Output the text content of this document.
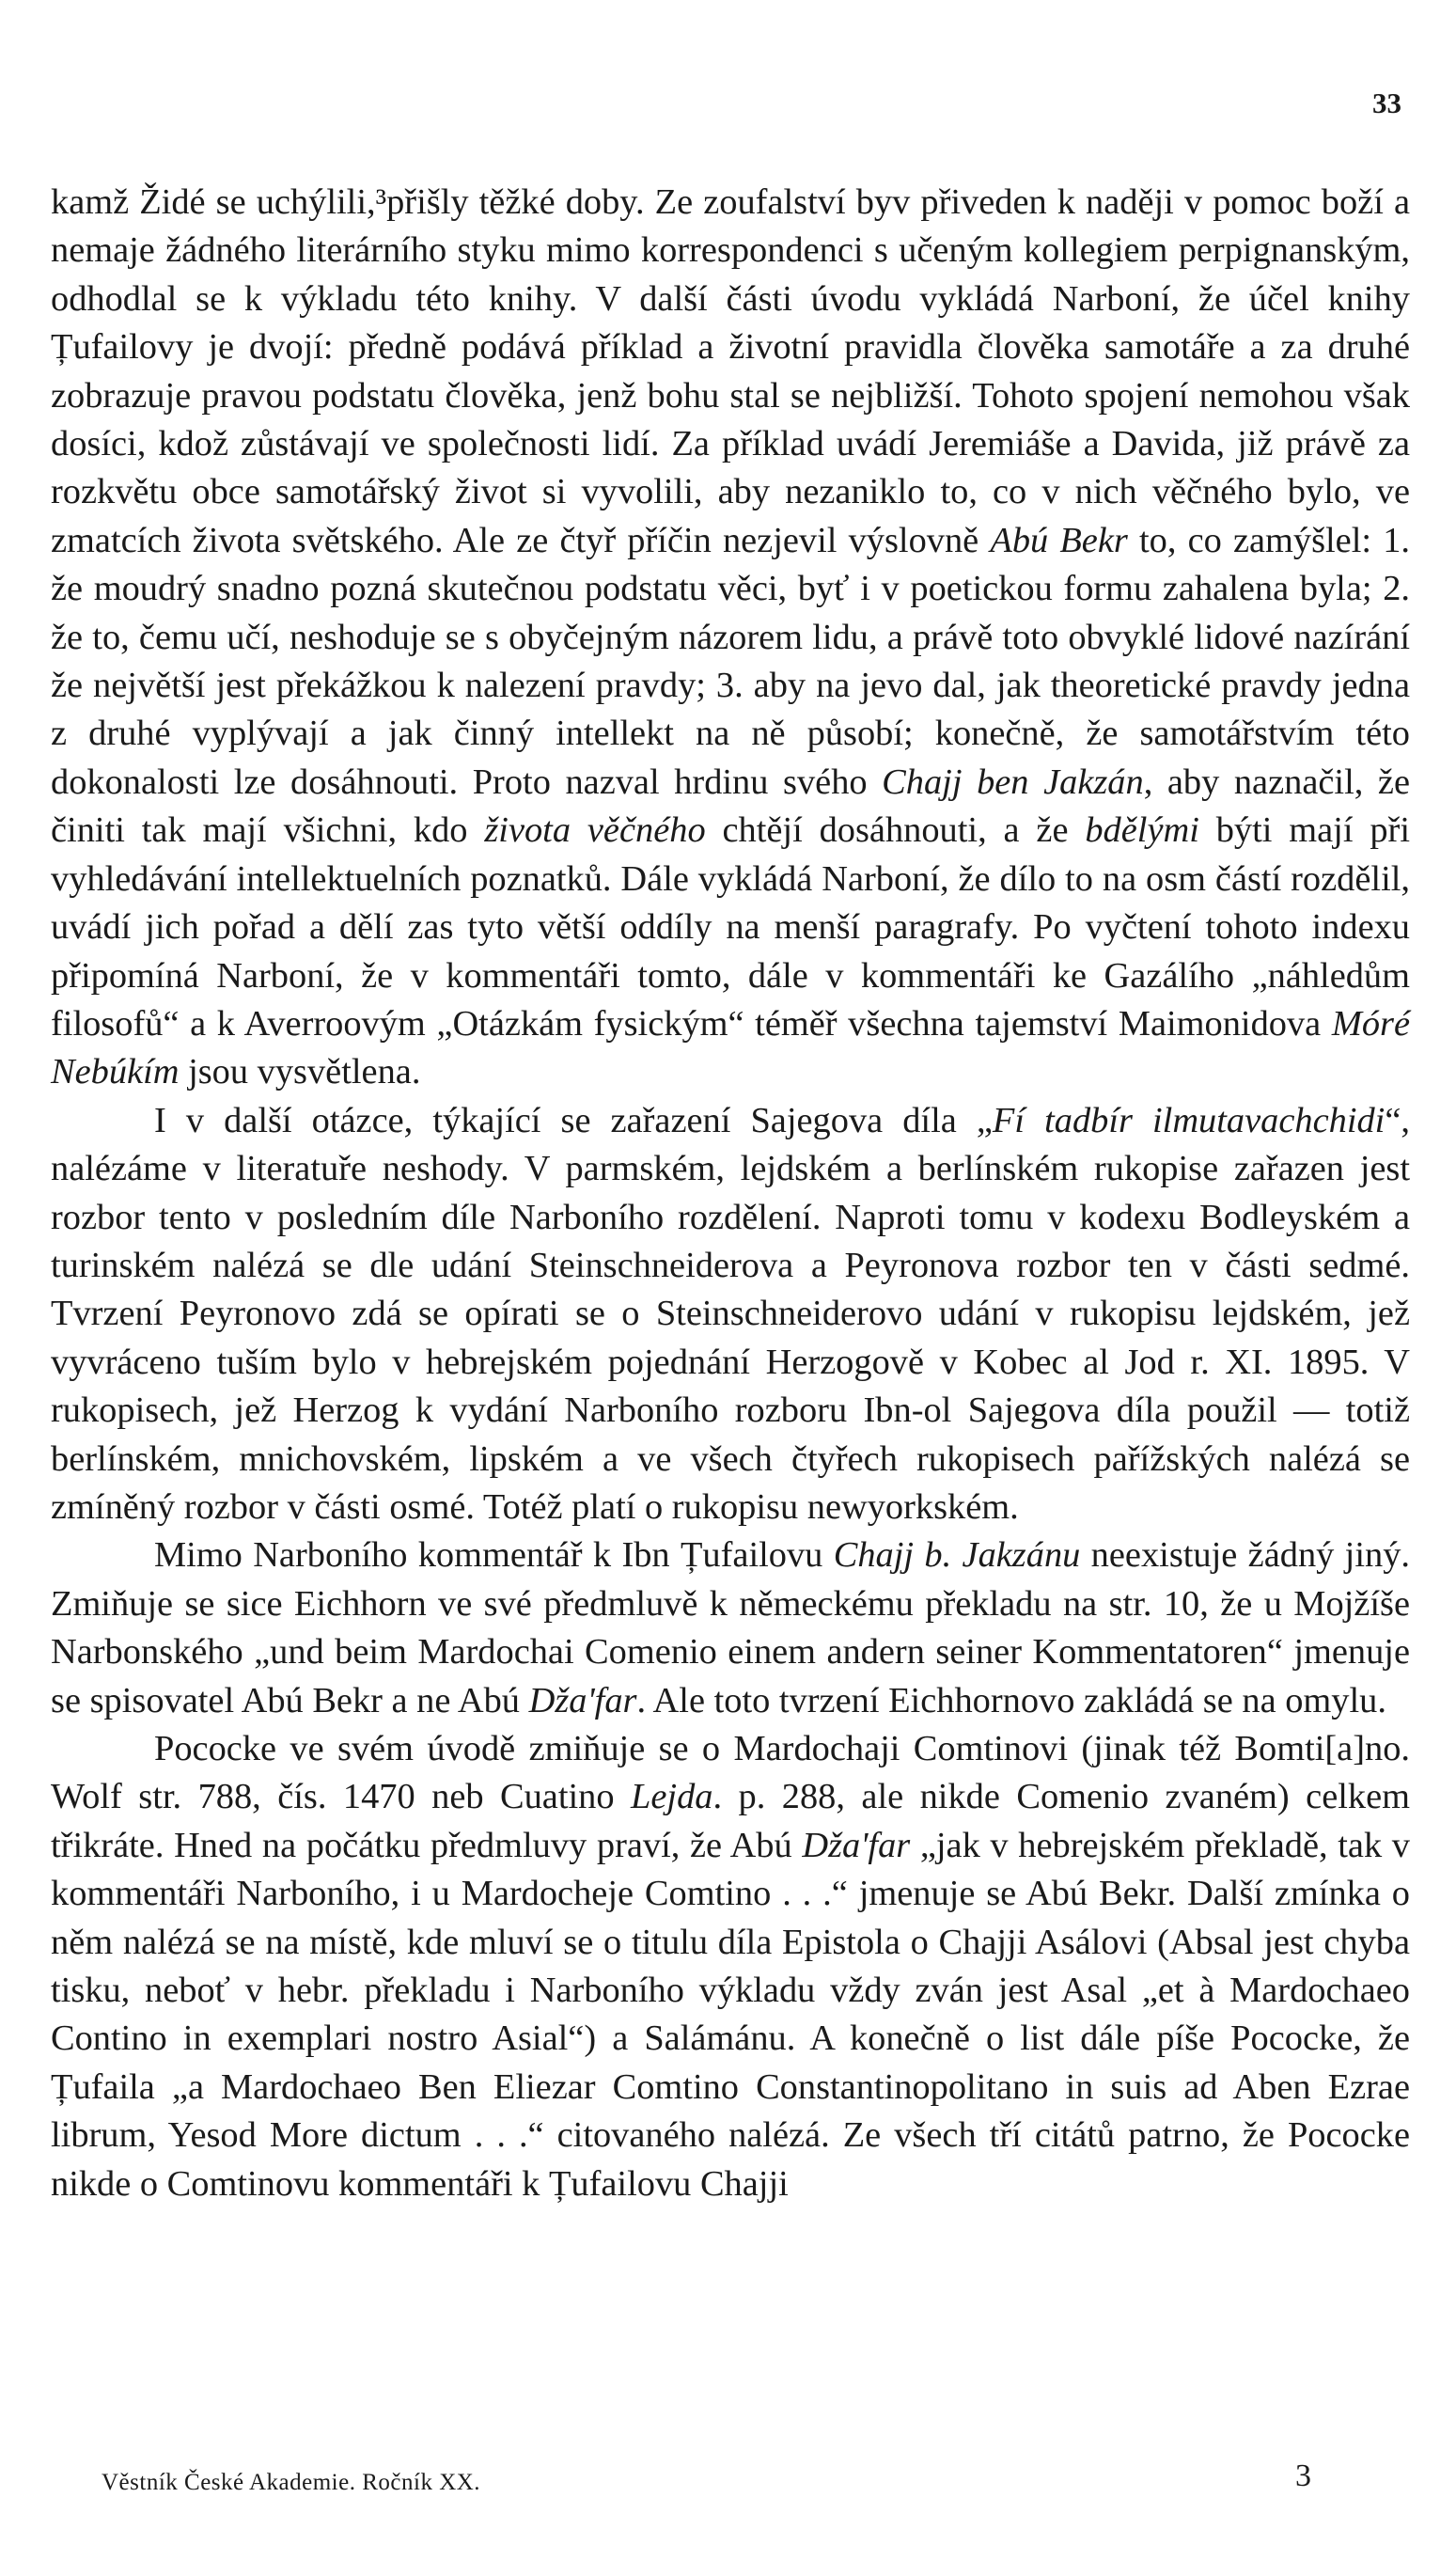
33

kamž Židé se uchýlili,³přišly těžké doby. Ze zoufalství byv přiveden k naději v pomoc boží a nemaje žádného literárního styku mimo korrespondenci s učeným kollegiem perpignanským, odhodlal se k výkladu této knihy. V další části úvodu vykládá Narboní, že účel knihy Țufailovy je dvojí: předně podává příklad a životní pravidla člověka samotáře a za druhé zobrazuje pravou podstatu člověka, jenž bohu stal se nejbližší. Tohoto spojení nemohou však dosíci, kdož zůstávají ve společnosti lidí. Za příklad uvádí Jeremiáše a Davida, již právě za rozkvětu obce samotářský život si vyvolili, aby nezaniklo to, co v nich věčného bylo, ve zmatcích života světského. Ale ze čtyř příčin nezjevil výslovně Abú Bekr to, co zamýšlel: 1. že moudrý snadno pozná skutečnou podstatu věci, byť i v poetickou formu zahalena byla; 2. že to, čemu učí, neshoduje se s obyčejným názorem lidu, a právě toto obvyklé lidové nazírání že největší jest překážkou k nalezení pravdy; 3. aby na jevo dal, jak theoretické pravdy jedna z druhé vyplývají a jak činný intellekt na ně působí; konečně, že samotářstvím této dokonalosti lze dosáhnouti. Proto nazval hrdinu svého Chajj ben Jakzán, aby naznačil, že činiti tak mají všichni, kdo života věčného chtějí dosáhnouti, a že bdělými býti mají při vyhledávání intellektuelních poznatků. Dále vykládá Narboní, že dílo to na osm částí rozdělil, uvádí jich pořad a dělí zas tyto větší oddíly na menší paragrafy. Po vyčtení tohoto indexu připomíná Narboní, že v kommentáři tomto, dále v kommentáři ke Gazálího „náhledům filosofů“ a k Averroovým „Otázkám fysickým“ téměř všechna tajemství Maimonidova Móré Nebúkím jsou vysvětlena.

I v další otázce, týkající se zařazení Sajegova díla „Fí tadbír ilmutavachchidi“, nalézáme v literatuře neshody. V parmském, lejdském a berlínském rukopise zařazen jest rozbor tento v posledním díle Narboního rozdělení. Naproti tomu v kodexu Bodleyském a turinském nalézá se dle udání Steinschneiderova a Peyronova rozbor ten v části sedmé. Tvrzení Peyronovo zdá se opírati se o Steinschneiderovo udání v rukopisu lejdském, jež vyvráceno tuším bylo v hebrejském pojednání Herzogově v Kobec al Jod r. XI. 1895. V rukopisech, jež Herzog k vydání Narboního rozboru Ibn-ol Sajegova díla použil — totiž berlínském, mnichovském, lipském a ve všech čtyřech rukopisech pařížských nalézá se zmíněný rozbor v části osmé. Totéž platí o rukopisu newyorkském.

Mimo Narboního kommentář k Ibn Țufailovu Chajj b. Jakzánu neexistuje žádný jiný. Zmiňuje se sice Eichhorn ve své předmluvě k německému překladu na str. 10, že u Mojžíše Narbonského „und beim Mardochai Comenio einem andern seiner Kommentatoren“ jmenuje se spisovatel Abú Bekr a ne Abú Dža'far. Ale toto tvrzení Eichhornovo zakládá se na omylu.

Pococke ve svém úvodě zmiňuje se o Mardochaji Comtinovi (jinak též Bomti[a]no. Wolf str. 788, čís. 1470 neb Cuatino Lejda. p. 288, ale nikde Comenio zvaném) celkem třikráte. Hned na počátku předmluvy praví, že Abú Dža'far „jak v hebrejském překladě, tak v kommentáři Narboního, i u Mardocheje Comtino . . .“ jmenuje se Abú Bekr. Další zmínka o něm nalézá se na místě, kde mluví se o titulu díla Epistola o Chajji Asálovi (Absal jest chyba tisku, neboť v hebr. překladu i Narboního výkladu vždy zván jest Asal „et à Mardochaeo Contino in exemplari nostro Asial“) a Salámánu. A konečně o list dále píše Pococke, že Țufaila „a Mardochaeo Ben Eliezar Comtino Constantinopolitano in suis ad Aben Ezrae librum, Yesod More dictum . . .“ citovaného nalézá. Ze všech tří citátů patrno, že Pococke nikde o Comtinovu kommentáři k Țufailovu Chajji

Věstník České Akademie. Ročník XX.	3
